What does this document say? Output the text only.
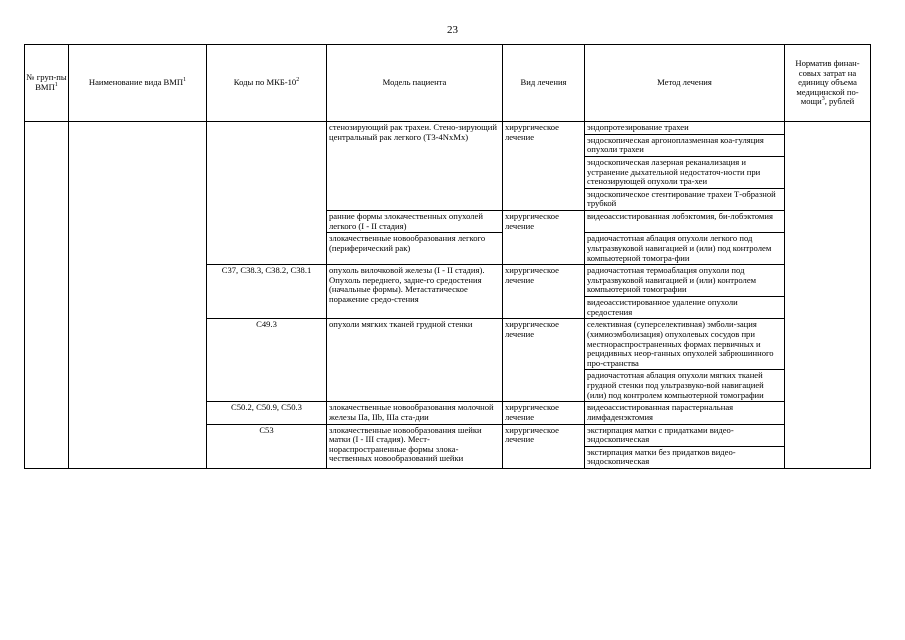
23
№ груп-пы ВМП$^1$	Наименование вида ВМП$^1$	Коды по МКБ-$10^2$	Модель пациента	Вид лечения	Метод лечения	Норматив финан-совых затрат на единицу объема медицинской по-мощи$^3$, рублей
			стенозирующий рак трахеи. Стено-зирующий центральный рак легкого (T3-4NxMx)	хирургическое лечение	эндопротезирование трахеи	
					эндоскопическая аргоноплазменная коа-гуляция опухоли трахеи	
					эндоскопическая лазерная реканализация и устранение дыхательной недостаточ-ности при стенозирующей опухоли тра-хеи	
					эндоскопическое стентирование трахеи Т-образной трубкой	
			ранние формы злокачественных опухолей легкого (I - II стадия)	хирургическое лечение	видеоассистированная лобэктомия, би-лобэктомия	
			злокачественные новообразования легкого (периферический рак)		радиочастотная аблация опухоли легкого под ультразвуковой навигацией и (или) под контролем компьютерной томогра-фии	
		C37, C38.3, C38.2, C38.1	опухоль вилочковой железы (I - II стадия). Опухоль переднего, задне-го средостения (начальные формы). Метастатическое поражение средо-стения	хирургическое лечение	радиочастотная термоаблация опухоли под ультразвуковой навигацией и (или) контролем компьютерной томографии	
					видеоассистированное удаление опухоли средостения	
		C49.3	опухоли мягких тканей грудной стенки	хирургическое лечение	селективная (суперселективная) эмболи-зация (химиоэмболизация) опухолевых сосудов при местнораспространенных формах первичных и рецидивных неор-ганных опухолей забрюшинного про-странства	
					радиочастотная аблация опухоли мягких тканей грудной стенки под ультразвуко-вой навигацией (или) под контролем компьютерной томографии	
		C50.2, C50.9, C50.3	злокачественные новообразования молочной железы IIa, IIb, IIIa ста-дии	хирургическое лечение	видеоассистированная парастернальная лимфаденэктомия	
		C53	злокачественные новообразования шейки матки (I - III стадия). Мест-нораспространенные формы злока-чественных новообразований шейки	хирургическое лечение	экстирпация матки с придатками видео-эндоскопическая	
					экстирпация матки без придатков видео-эндоскопическая	
